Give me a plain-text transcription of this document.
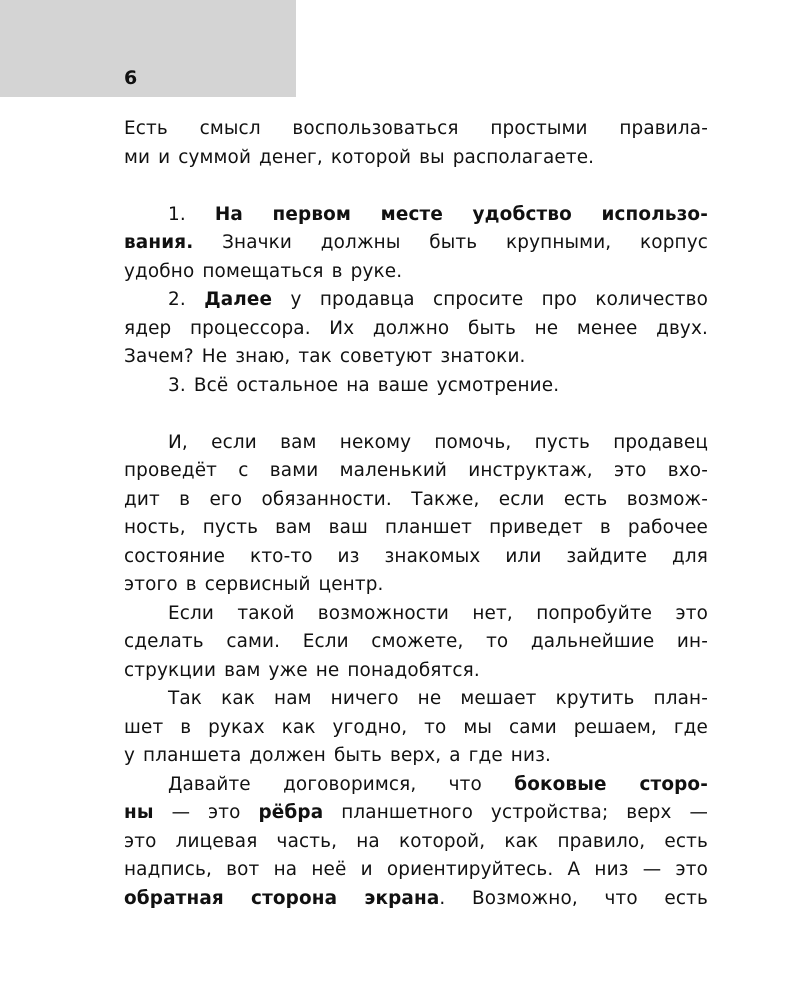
6
Есть смысл воспользоваться простыми правила-
ми и суммой денег, которой вы располагаете.
1. На первом месте удобство использо-
вания. Значки должны быть крупными, корпус
удобно помещаться в руке.
2. Далее у продавца спросите про количество
ядер процессора. Их должно быть не менее двух.
Зачем? Не знаю, так советуют знатоки.
3. Всё остальное на ваше усмотрение.
И, если вам некому помочь, пусть продавец
проведёт с вами маленький инструктаж, это вхо-
дит в его обязанности. Также, если есть возмож-
ность, пусть вам ваш планшет приведет в рабочее
состояние кто-то из знакомых или зайдите для
этого в сервисный центр.
Если такой возможности нет, попробуйте это
сделать сами. Если сможете, то дальнейшие ин-
струкции вам уже не понадобятся.
Так как нам ничего не мешает крутить план-
шет в руках как угодно, то мы сами решаем, где
у планшета должен быть верх, а где низ.
Давайте договоримся, что боковые сторо-
ны — это рёбра планшетного устройства; верх —
это лицевая часть, на которой, как правило, есть
надпись, вот на неё и ориентируйтесь. А низ — это
обратная сторона экрана. Возможно, что есть
